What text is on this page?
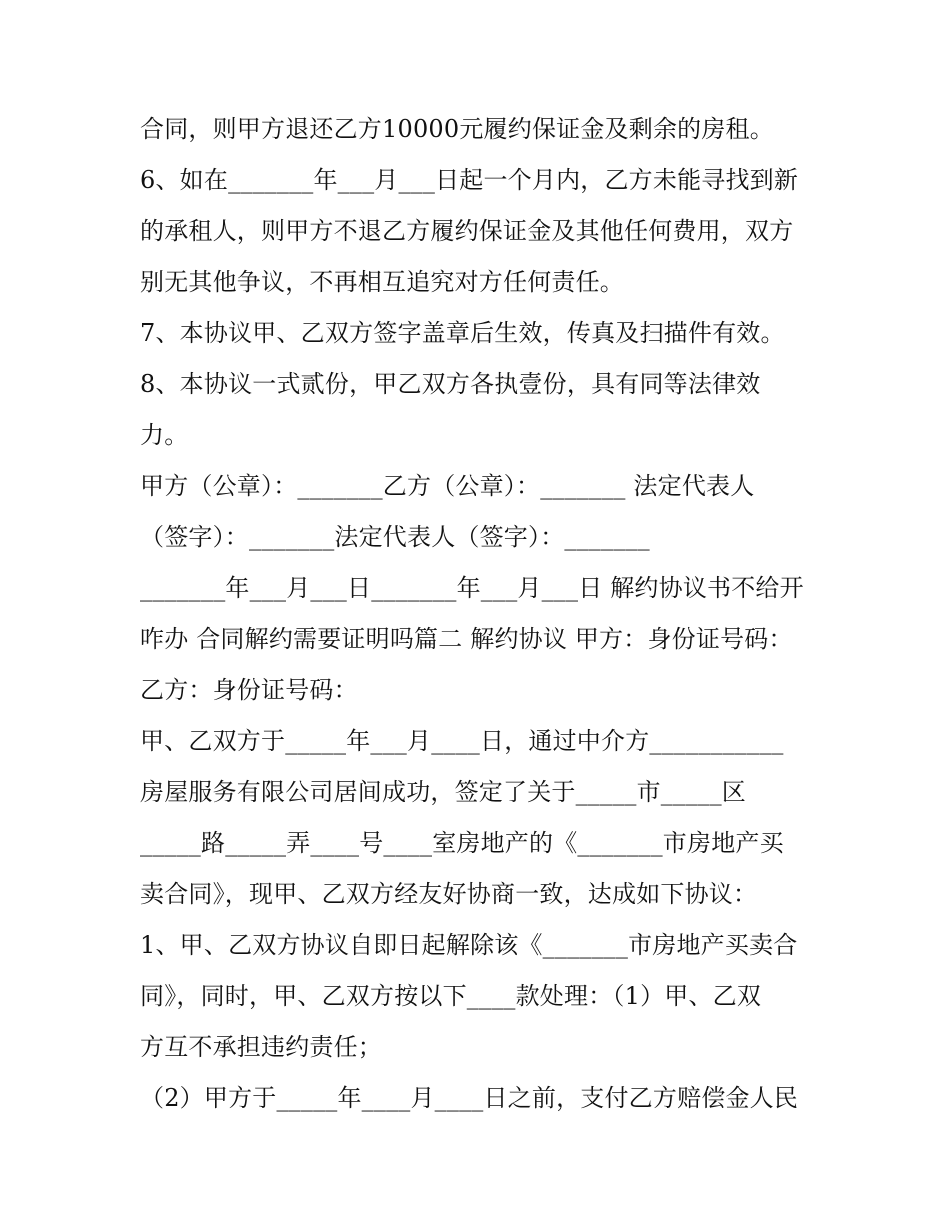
合同，则甲方退还乙方10000元履约保证金及剩余的房租。
6、如在_______年___月___日起一个月内，乙方未能寻找到新
的承租人，则甲方不退乙方履约保证金及其他任何费用，双方
别无其他争议，不再相互追究对方任何责任。
7、本协议甲、乙双方签字盖章后生效，传真及扫描件有效。
8、本协议一式贰份，甲乙双方各执壹份，具有同等法律效
力。
甲方（公章）：_______乙方（公章）：_______ 法定代表人
（签字）：_______法定代表人（签字）：_______
_______年___月___日_______年___月___日 解约协议书不给开
咋办 合同解约需要证明吗篇二 解约协议 甲方：身份证号码：
乙方：身份证号码：
甲、乙双方于_____年___月____日，通过中介方___________
房屋服务有限公司居间成功，签定了关于_____市_____区
_____路_____弄____号____室房地产的《_______市房地产买
卖合同》，现甲、乙双方经友好协商一致，达成如下协议：
1、甲、乙双方协议自即日起解除该《_______市房地产买卖合
同》，同时，甲、乙双方按以下____款处理：（1）甲、乙双
方互不承担违约责任；
（2）甲方于_____年____月____日之前，支付乙方赔偿金人民
